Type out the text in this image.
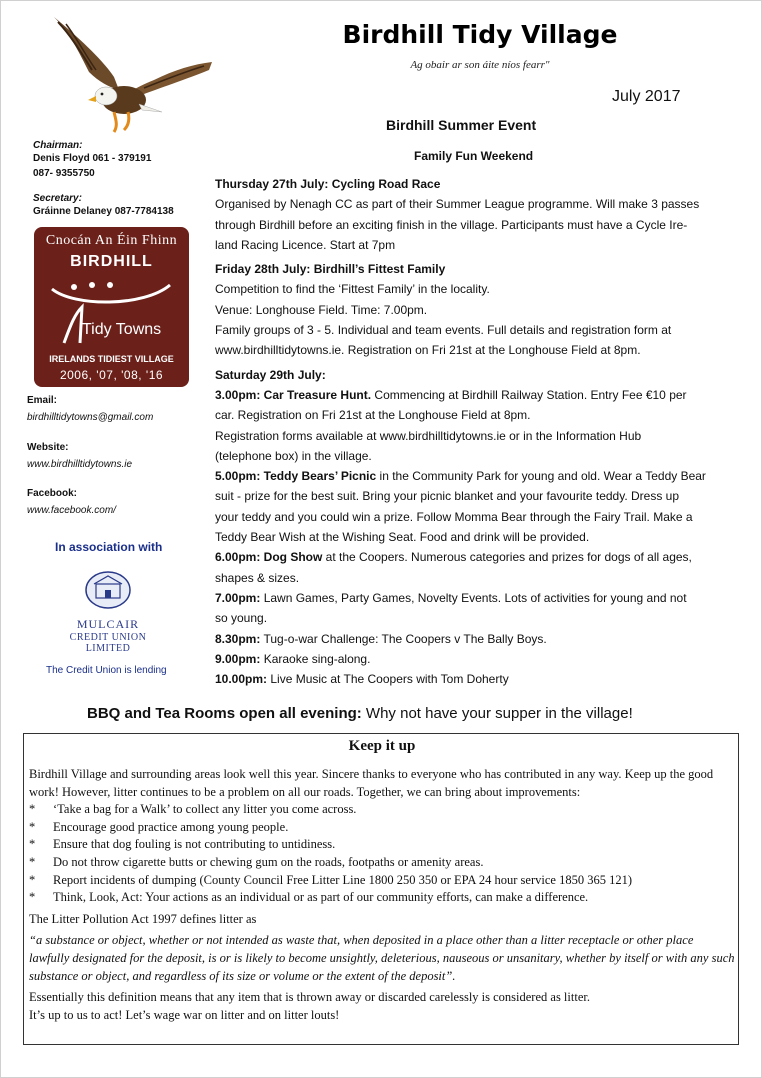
Birdhill Tidy Village
Ag obair ar son áite níos fearr"
July 2017
Chairman:
Denis Floyd 061 - 379191
087- 9355750
Secretary:
Gráinne Delaney 087-7784138
Cnocán An Éin Fhinn
BIRDHILL
Tidy Towns
IRELANDS TIDIEST VILLAGE
2006, '07, '08, '16
Email:
birdhilltidytowns@gmail.com
Website:
www.birdhilltidytowns.ie
Facebook:
www.facebook.com/
In association with
MULCAIR
CREDIT UNION
LIMITED
The Credit Union is lending
Birdhill Summer Event
Family Fun Weekend
Thursday 27th July: Cycling Road Race
Organised by Nenagh CC as part of their Summer League programme. Will make 3 passes
through Birdhill before an exciting finish in the village. Participants must have a Cycle Ire-
land Racing Licence. Start at 7pm
Friday 28th July: Birdhill’s Fittest Family
Competition to find the ‘Fittest Family’ in the locality.
Venue: Longhouse Field. Time: 7.00pm.
Family groups of 3 - 5. Individual and team events. Full details and registration form at
www.birdhilltidytowns.ie. Registration on Fri 21st at the Longhouse Field at 8pm.
Saturday 29th July:
3.00pm: Car Treasure Hunt. Commencing at Birdhill Railway Station. Entry Fee €10 per
car. Registration on Fri 21st at the Longhouse Field at 8pm.
Registration forms available at www.birdhilltidytowns.ie or in the Information Hub
(telephone box) in the village.
5.00pm: Teddy Bears’ Picnic in the Community Park for young and old. Wear a Teddy Bear
suit - prize for the best suit. Bring your picnic blanket and your favourite teddy. Dress up
your teddy and you could win a prize. Follow Momma Bear through the Fairy Trail. Make a
Teddy Bear Wish at the Wishing Seat. Food and drink will be provided.
6.00pm: Dog Show at the Coopers. Numerous categories and prizes for dogs of all ages,
shapes & sizes.
7.00pm: Lawn Games, Party Games, Novelty Events. Lots of activities for young and not
so young.
8.30pm: Tug-o-war Challenge: The Coopers v The Bally Boys.
9.00pm: Karaoke sing-along.
10.00pm: Live Music at The Coopers with Tom Doherty
BBQ and Tea Rooms open all evening: Why not have your supper in the village!
Keep it up
Birdhill Village and surrounding areas look well this year. Sincere thanks to everyone who has contributed in any way. Keep up the good work! However, litter continues to be a problem on all our roads. Together, we can bring about improvements:
*	‘Take a bag for a Walk’ to collect any litter you come across.
*	Encourage good practice among young people.
*	Ensure that dog fouling is not contributing to untidiness.
*	Do not throw cigarette butts or chewing gum on the roads, footpaths or amenity areas.
*	Report incidents of dumping (County Council Free Litter Line 1800 250 350 or EPA 24 hour service 1850 365 121)
*	Think, Look, Act: Your actions as an individual or as part of our community efforts, can make a difference.
The Litter Pollution Act 1997 defines litter as
“a substance or object, whether or not intended as waste that, when deposited in a place other than a litter receptacle or other place lawfully designated for the deposit, is or is likely to become unsightly, deleterious, nauseous or unsanitary, whether by itself or with any such substance or object, and regardless of its size or volume or the extent of the deposit”.
Essentially this definition means that any item that is thrown away or discarded carelessly is considered as litter.
It’s up to us to act! Let’s wage war on litter and on litter louts!
